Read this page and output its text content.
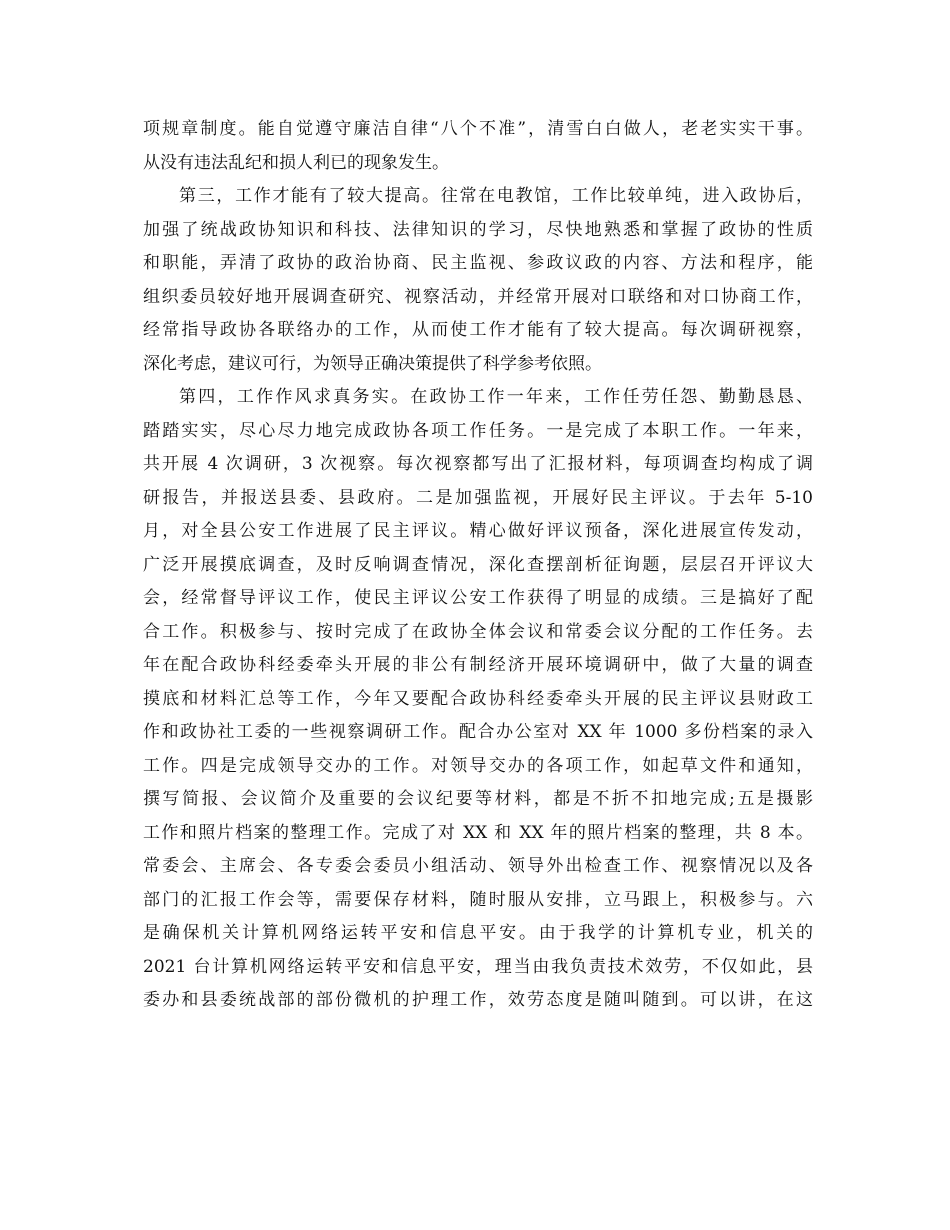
项规章制度。能自觉遵守廉洁自律“八个不准”，清雪白白做人，老老实实干事。
从没有违法乱纪和损人利已的现象发生。
第三，工作才能有了较大提高。往常在电教馆，工作比较单纯，进入政协后，
加强了统战政协知识和科技、法律知识的学习，尽快地熟悉和掌握了政协的性质
和职能，弄清了政协的政治协商、民主监视、参政议政的内容、方法和程序，能
组织委员较好地开展调查研究、视察活动，并经常开展对口联络和对口协商工作，
经常指导政协各联络办的工作，从而使工作才能有了较大提高。每次调研视察，
深化考虑，建议可行，为领导正确决策提供了科学参考依照。
第四，工作作风求真务实。在政协工作一年来，工作任劳任怨、勤勤恳恳、
踏踏实实，尽心尽力地完成政协各项工作任务。一是完成了本职工作。一年来，
共开展 4 次调研，3 次视察。每次视察都写出了汇报材料，每项调查均构成了调
研报告，并报送县委、县政府。二是加强监视，开展好民主评议。于去年 5-10
月，对全县公安工作进展了民主评议。精心做好评议预备，深化进展宣传发动，
广泛开展摸底调查，及时反响调查情况，深化查摆剖析征询题，层层召开评议大
会，经常督导评议工作，使民主评议公安工作获得了明显的成绩。三是搞好了配
合工作。积极参与、按时完成了在政协全体会议和常委会议分配的工作任务。去
年在配合政协科经委牵头开展的非公有制经济开展环境调研中，做了大量的调查
摸底和材料汇总等工作，今年又要配合政协科经委牵头开展的民主评议县财政工
作和政协社工委的一些视察调研工作。配合办公室对 XX 年 1000 多份档案的录入
工作。四是完成领导交办的工作。对领导交办的各项工作，如起草文件和通知，
撰写简报、会议简介及重要的会议纪要等材料，都是不折不扣地完成;五是摄影
工作和照片档案的整理工作。完成了对 XX 和 XX 年的照片档案的整理，共 8 本。
常委会、主席会、各专委会委员小组活动、领导外出检查工作、视察情况以及各
部门的汇报工作会等，需要保存材料，随时服从安排，立马跟上，积极参与。六
是确保机关计算机网络运转平安和信息平安。由于我学的计算机专业，机关的
2021 台计算机网络运转平安和信息平安，理当由我负责技术效劳，不仅如此，县
委办和县委统战部的部份微机的护理工作，效劳态度是随叫随到。可以讲，在这
